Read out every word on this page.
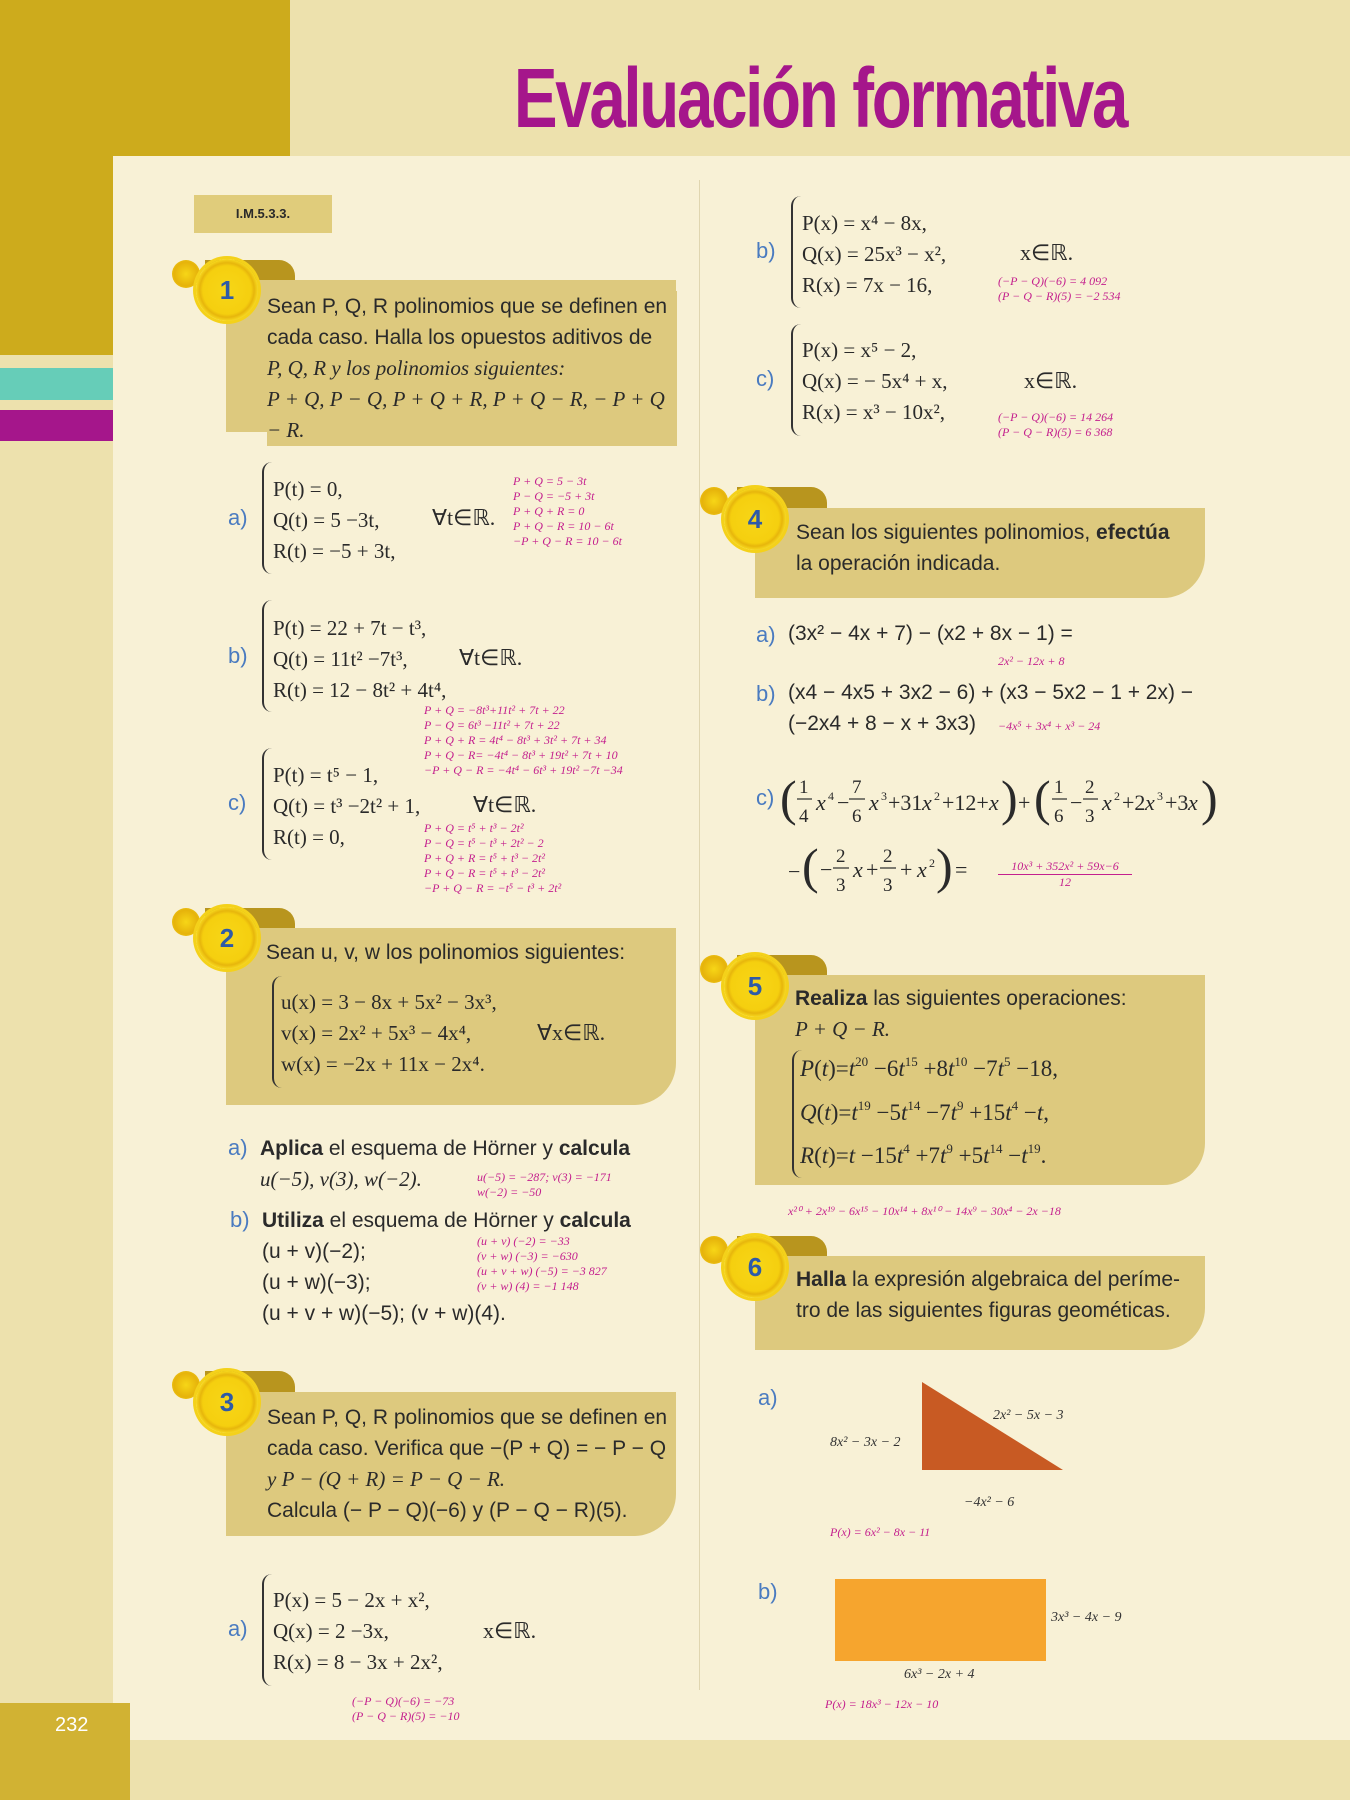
232
Evaluación formativa
I.M.5.3.3.
1
Sean P, Q, R polinomios que se definen en
cada caso. Halla los opuestos aditivos de
P, Q, R y los polinomios siguientes:
P + Q, P − Q, P + Q + R, P + Q − R, − P + Q − R.
a)
P(t) = 0,
Q(t) = 5 −3t,
R(t) = −5 + 3t,
∀t∈ℝ.
P + Q = 5 − 3t
P − Q = −5 + 3t
P + Q + R = 0
P + Q − R = 10 − 6t
−P + Q − R = 10 − 6t
b)
P(t) = 22 + 7t − t³,
Q(t) = 11t² −7t³,
R(t) = 12 − 8t² + 4t⁴,
∀t∈ℝ.
P + Q = −8t³+11t² + 7t + 22
P − Q = 6t³ −11t² + 7t + 22
P + Q + R = 4t⁴ − 8t³ + 3t² + 7t + 34
P + Q − R= −4t⁴ − 8t³ + 19t² + 7t + 10
−P + Q − R = −4t⁴ − 6t³ + 19t² −7t −34
c)
P(t) = t⁵ − 1,
Q(t) = t³ −2t² + 1,
R(t) = 0,
∀t∈ℝ.
P + Q = t⁵ + t³ − 2t²
P − Q = t⁵ − t³ + 2t² − 2
P + Q + R = t⁵ + t³ − 2t²
P + Q − R = t⁵ + t³ − 2t²
−P + Q − R = −t⁵ − t³ + 2t²
2	Sean u, v, w los polinomios siguientes:
u(x) = 3 − 8x + 5x² − 3x³,
v(x) = 2x² + 5x³ − 4x⁴,
w(x) = −2x + 11x − 2x⁴.
∀x∈ℝ.
a) Aplica el esquema de Hörner y calcula
u(−5), v(3), w(−2).	u(−5) = −287; v(3) = −171
w(−2) = −50
b) Utiliza el esquema de Hörner y calcula
(u + v)(−2);
(u + w)(−3);
(u + v + w)(−5); (v + w)(4).
(u + v) (−2) = −33
(v + w) (−3) = −630
(u + v + w) (−5) = −3 827
(v + w) (4) = −1 148
3
Sean P, Q, R polinomios que se definen en
cada caso. Verifica que −(P + Q) = − P − Q
y P − (Q + R) = P − Q − R.
Calcula (− P − Q)(−6) y (P − Q − R)(5).
a)
P(x) = 5 − 2x + x²,
Q(x) = 2 −3x,
R(x) = 8 − 3x + 2x²,
x∈ℝ.
(−P − Q)(−6) = −73
(P − Q − R)(5) = −10
b)
P(x) = x⁴ − 8x,
Q(x) = 25x³ − x²,
R(x) = 7x − 16,
x∈ℝ.
(−P − Q)(−6) = 4 092
(P − Q − R)(5) = −2 534
c)
P(x) = x⁵ − 2,
Q(x) = − 5x⁴ + x,
R(x) = x³ − 10x²,
x∈ℝ.
(−P − Q)(−6) = 14 264
(P − Q − R)(5) = 6 368
4	Sean los siguientes polinomios, efectúa
la operación indicada.
a) (3x² − 4x + 7) − (x2 + 8x − 1) =
2x² − 12x + 8
b) (x4 − 4x5 + 3x2 − 6) + (x3 − 5x2 − 1 + 2x) −
(−2x4 + 8 − x + 3x3) −4x⁵ + 3x⁴ + x³ − 24
c) ( 1
4
x 4 −
7
6
x 3 +31 x 2 +12+ x ) + ( 1
6
−
2
3
x 2 +2 x 3 +3 x )
− ( −
2
3
x +
2
3
+ x 2 ) =	10x³ + 352x² + 59x−6
12
5	Realiza las siguientes operaciones:
P + Q − R.
$P(t)=t^{20} -6t^{15} +8t^{10} -7t^5 -18$,
$Q(t)=t^{19} -5t^{14} -7t^9 +15t^4 -t$,
$R(t)=t -15t^4 +7t^9 +5t^{14} -t^{19}$.
x²⁰ + 2x¹⁹ − 6x¹⁵ − 10x¹⁴ + 8x¹⁰ − 14x⁹ − 30x⁴ − 2x −18
6	Halla la expresión algebraica del períme-
tro de las siguientes figuras geométicas.
a)
8x² − 3x − 2
2x² − 5x − 3
−4x² − 6
P(x) = 6x² − 8x − 11
b)
3x³ − 4x − 9
6x³ − 2x + 4
P(x) = 18x³ − 12x − 10
